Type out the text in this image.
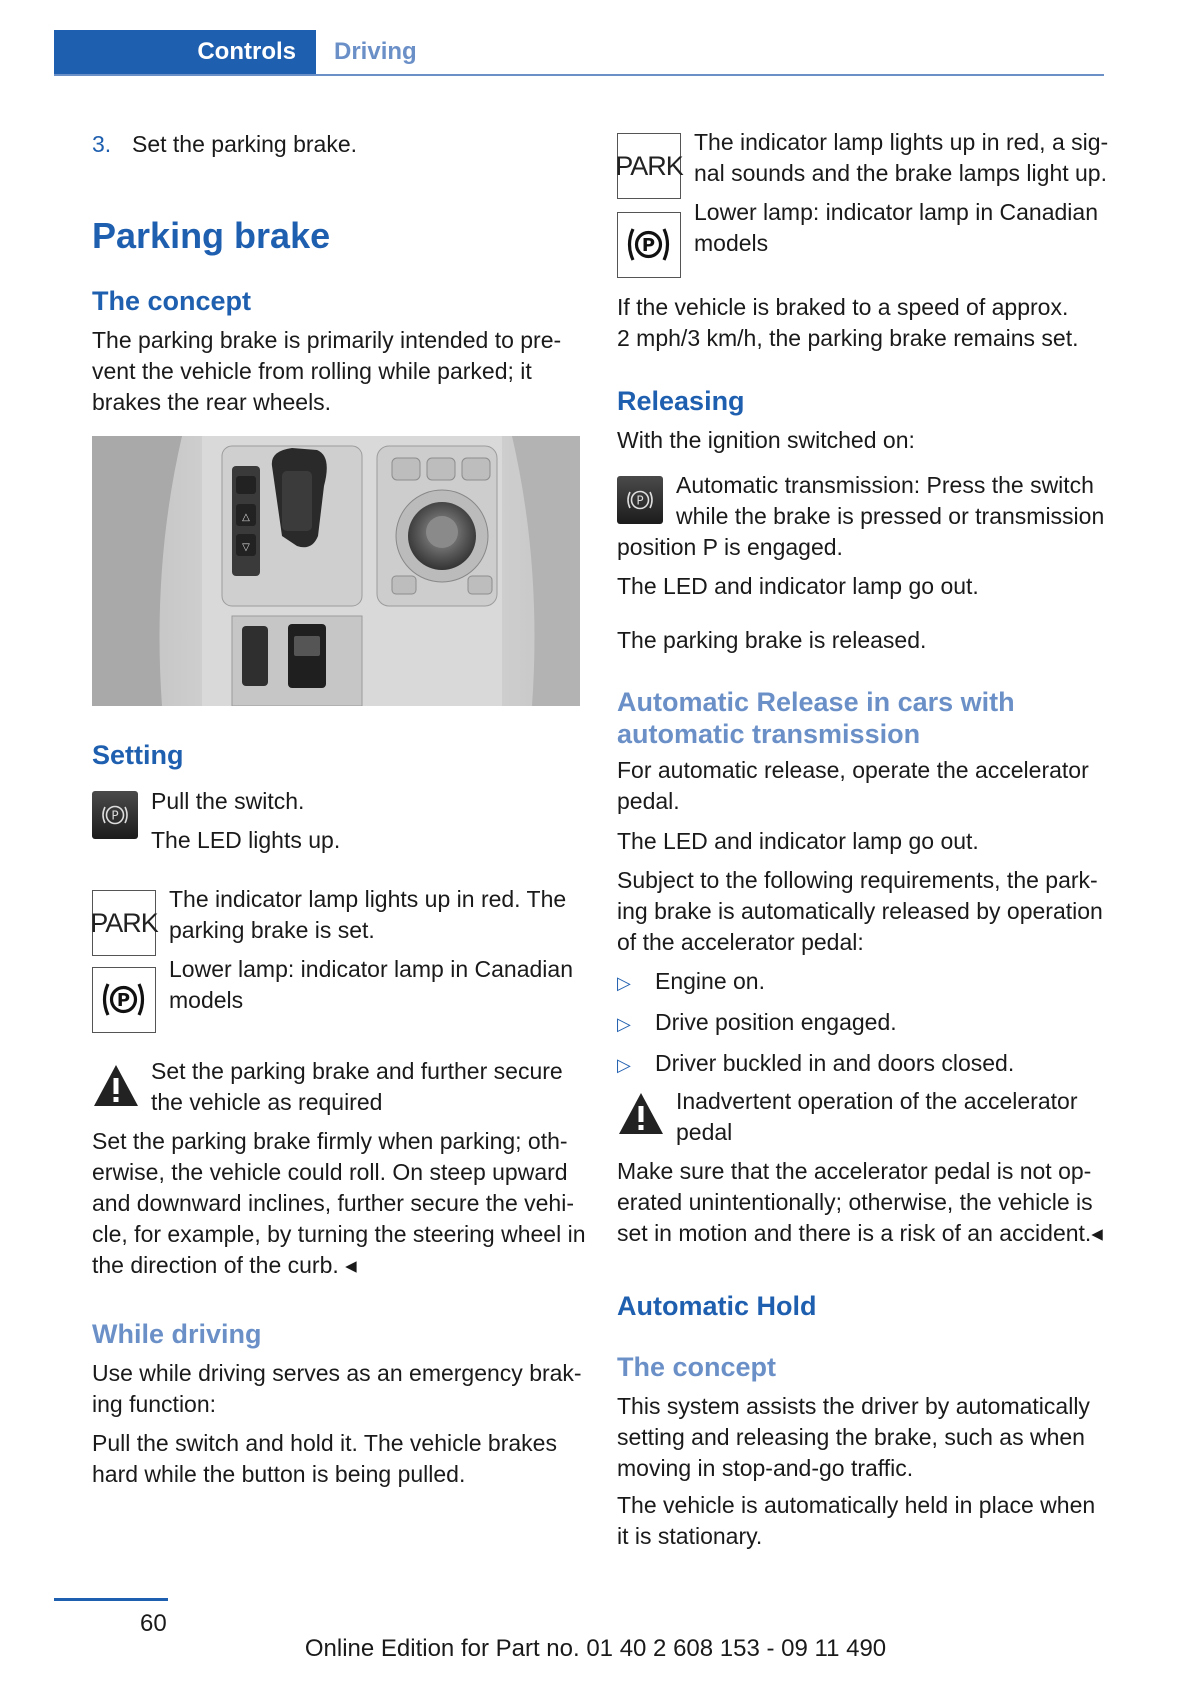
Controls Driving

3. Set the parking brake.

Parking brake
The concept

The parking brake is primarily intended to pre-

vent the vehicle from rolling while parked; it

brakes the rear wheels.

△
▽
Setting
P

Pull the switch.

The LED lights up.

PARK

The indicator lamp lights up in red. The

parking brake is set.

P

Lower lamp: indicator lamp in Canadian

models

Set the parking brake and further secure

the vehicle as required

Set the parking brake firmly when parking; oth-

erwise, the vehicle could roll. On steep upward

and downward inclines, further secure the vehi-

cle, for example, by turning the steering wheel in

the direction of the curb. ◂

While driving

Use while driving serves as an emergency brak-

ing function:

Pull the switch and hold it. The vehicle brakes

hard while the button is being pulled.

PARK

The indicator lamp lights up in red, a sig-

nal sounds and the brake lamps light up.

P

Lower lamp: indicator lamp in Canadian

models

If the vehicle is braked to a speed of approx.

2 mph/3 km/h, the parking brake remains set.

Releasing

With the ignition switched on:

P

Automatic transmission: Press the switch

while the brake is pressed or transmission

position P is engaged.

The LED and indicator lamp go out.

The parking brake is released.

Automatic Release in cars with
automatic transmission

For automatic release, operate the accelerator

pedal.

The LED and indicator lamp go out.

Subject to the following requirements, the park-

ing brake is automatically released by operation

of the accelerator pedal:

▷ Engine on.

▷ Drive position engaged.

▷ Driver buckled in and doors closed.

Inadvertent operation of the accelerator

pedal

Make sure that the accelerator pedal is not op-

erated unintentionally; otherwise, the vehicle is

set in motion and there is a risk of an accident.◂

Automatic Hold
The concept

This system assists the driver by automatically

setting and releasing the brake, such as when

moving in stop-and-go traffic.

The vehicle is automatically held in place when

it is stationary.

60
Online Edition for Part no. 01 40 2 608 153 - 09 11 490
